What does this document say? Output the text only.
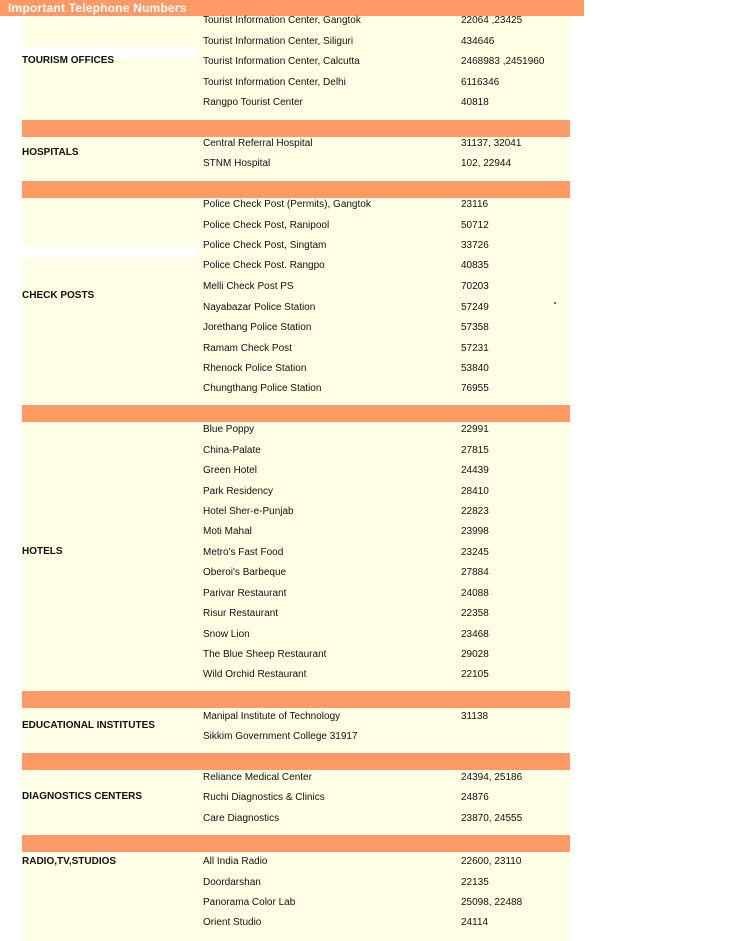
Important Telephone Numbers
TOURISM OFFICES
Tourist Information Center, Gangtok	22064 ,23425
Tourist Information Center, Siliguri	434646
Tourist Information Center, Calcutta	2468983 ,2451960
Tourist Information Center, Delhi	6116346
Rangpo Tourist Center	40818
HOSPITALS
Central Referral Hospital	31137, 32041
STNM Hospital	102, 22944
CHECK POSTS
Police Check Post (Permits), Gangtok	23116
Police Check Post, Ranipool	50712
Police Check Post, Singtam	33726
Police Check Post. Rangpo	40835
Melli Check Post PS	70203
Nayabazar Police Station	57249
Jorethang Police Station	57358
Ramam Check Post	57231
Rhenock Police Station	53840
Chungthang Police Station	76955
HOTELS
Blue Poppy	22991
China-Palate	27815
Green Hotel	24439
Park Residency	28410
Hotel Sher-e-Punjab	22823
Moti Mahal	23998
Metro's Fast Food	23245
Oberoi's Barbeque	27884
Parivar Restaurant	24088
Risur Restaurant	22358
Snow Lion	23468
The Blue Sheep Restaurant	29028
Wild Orchid Restaurant	22105
EDUCATIONAL INSTITUTES
Manipal Institute of Technology	31138
Sikkim Government College 31917
DIAGNOSTICS CENTERS
Reliance Medical Center	24394, 25186
Ruchi Diagnostics & Clinics	24876
Care Diagnostics	23870, 24555
RADIO,TV,STUDIOS	All India Radio	22600, 23110
Doordarshan	22135
Panorama Color Lab	25098, 22488
Orient Studio	24114
